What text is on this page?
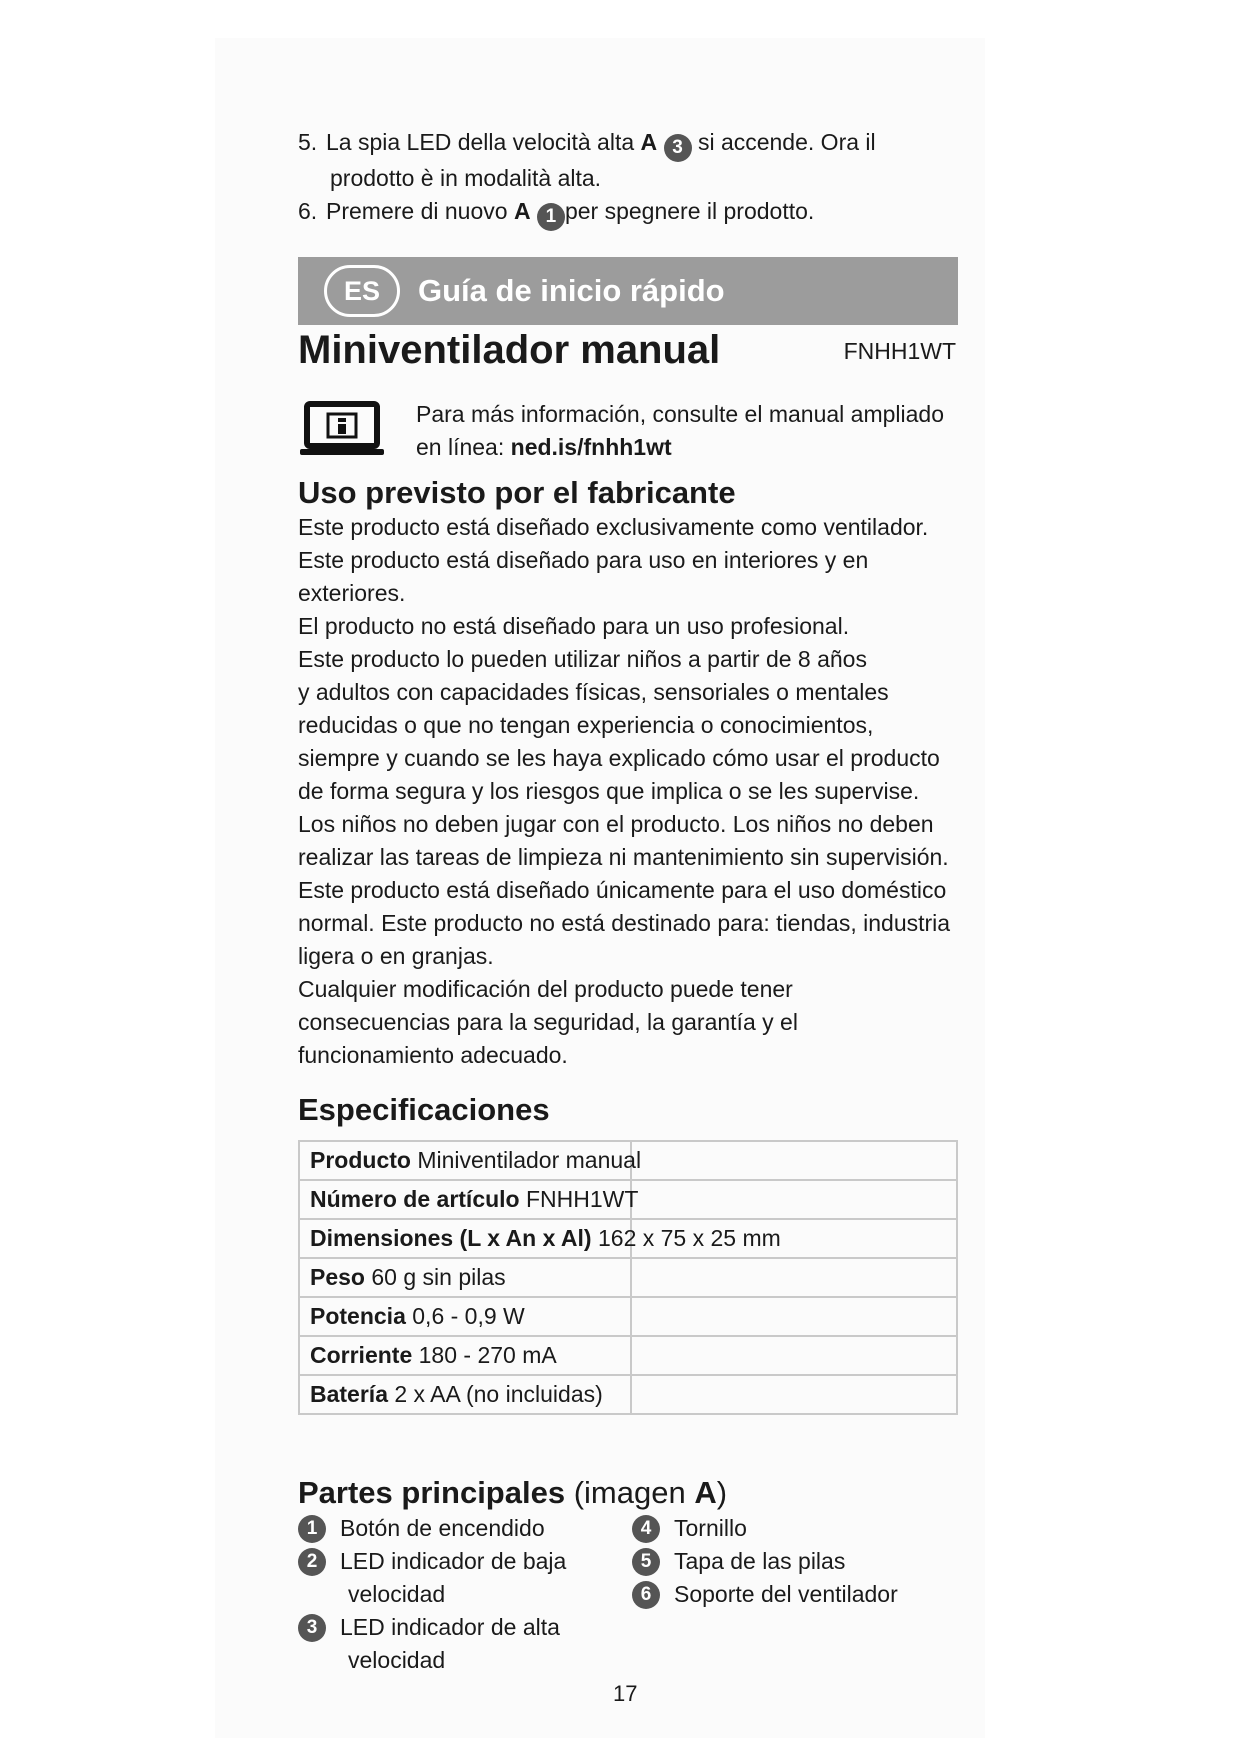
5. La spia LED della velocità alta A 3 si accende. Ora il
prodotto è in modalità alta.
6. Premere di nuovo A 1 per spegnere il prodotto.
ES	Guía de inicio rápido
Miniventilador manual	FNHH1WT
Para más información, consulte el manual ampliado
en línea: ned.is/fnhh1wt
Uso previsto por el fabricante

Este producto está diseñado exclusivamente como ventilador.
Este producto está diseñado para uso en interiores y en
exteriores.
El producto no está diseñado para un uso profesional.
Este producto lo pueden utilizar niños a partir de 8 años
y adultos con capacidades físicas, sensoriales o mentales
reducidas o que no tengan experiencia o conocimientos,
siempre y cuando se les haya explicado cómo usar el producto
de forma segura y los riesgos que implica o se les supervise.
Los niños no deben jugar con el producto. Los niños no deben
realizar las tareas de limpieza ni mantenimiento sin supervisión.
Este producto está diseñado únicamente para el uso doméstico
normal. Este producto no está destinado para: tiendas, industria
ligera o en granjas.
Cualquier modificación del producto puede tener
consecuencias para la seguridad, la garantía y el
funcionamiento adecuado.

Especificaciones
Producto Miniventilador manual	
Número de artículo FNHH1WT	
Dimensiones (L x An x Al) 162 x 75 x 25 mm	
Peso 60 g sin pilas	
Potencia 0,6 - 0,9 W	
Corriente 180 - 270 mA	
Batería 2 x AA (no incluidas)	
Partes principales (imagen A)
1 Botón de encendido
2 LED indicador de baja
velocidad
3 LED indicador de alta
velocidad
4 Tornillo
5 Tapa de las pilas
6 Soporte del ventilador
17
